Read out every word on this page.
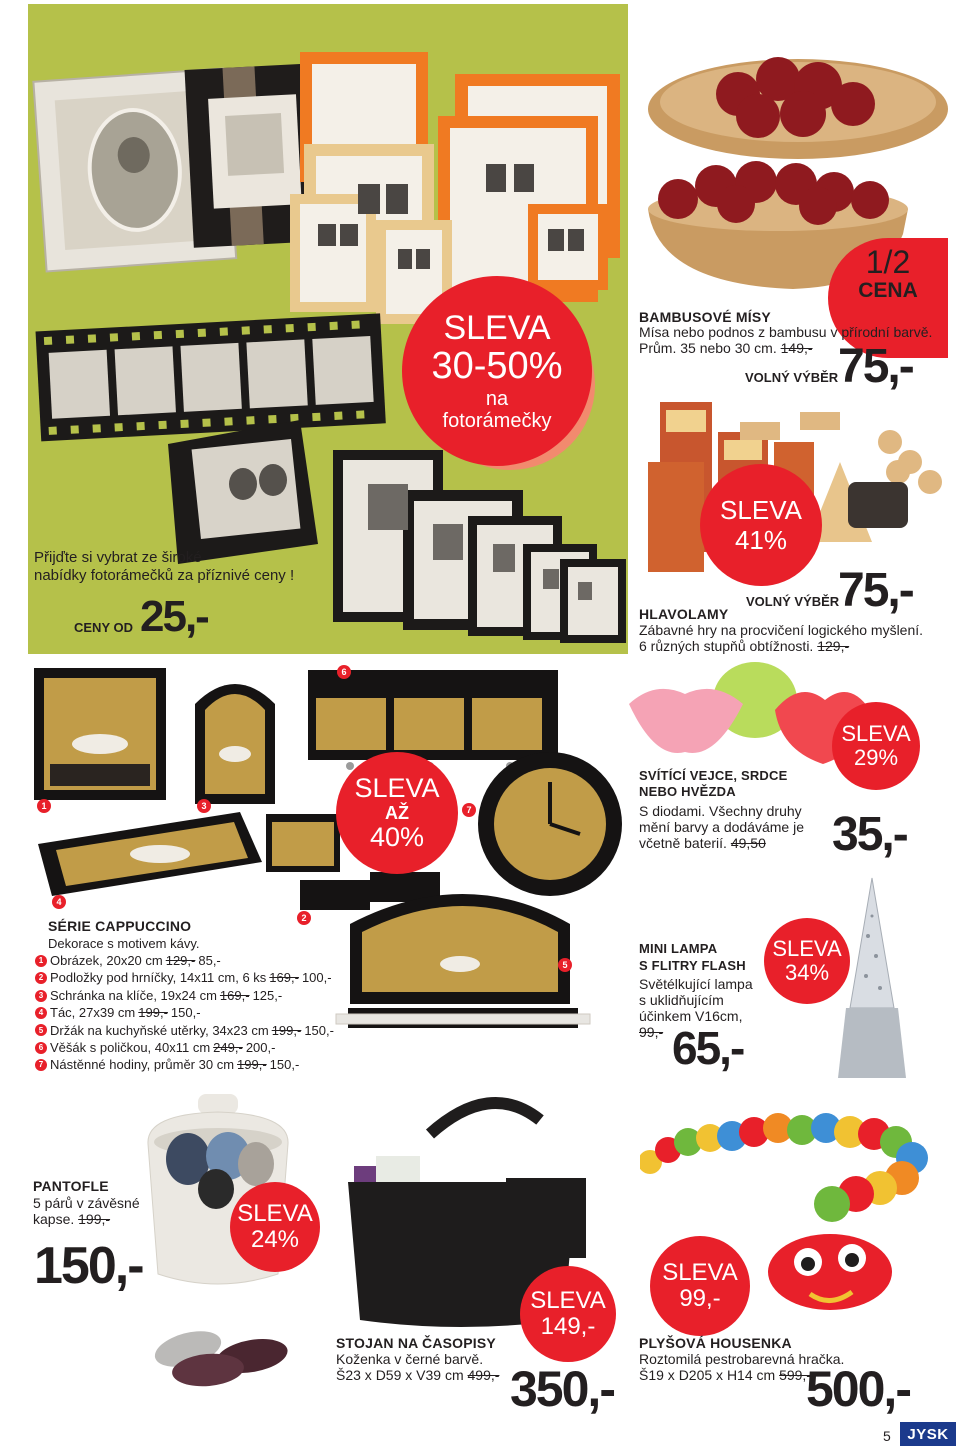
Přijďte si vybrat ze široké
nabídky fotorámečků za příznivé ceny !
CENY OD 25,-
SLEVA
30-50%
na
fotorámečky
1/2
CENA
BAMBUSOVÉ MÍSY
Mísa nebo podnos z bambusu v přírodní barvě.
Prům. 35 nebo 30 cm. 149,-
VOLNÝ VÝBĚR 75,-
SLEVA
41%
VOLNÝ VÝBĚR
75,-
HLAVOLAMY
Zábavné hry na procvičení logického myšlení.
6 různých stupňů obtížnosti. 129,-
1
2
3
4
5
6
7
SLEVA
AŽ
40%
SÉRIE CAPPUCCINO
Dekorace s motivem kávy.
1 Obrázek, 20x20 cm 129,- 85,-
2 Podložky pod hrníčky, 14x11 cm, 6 ks 169,- 100,-
3 Schránka na klíče, 19x24 cm 169,- 125,-
4 Tác, 27x39 cm 199,- 150,-
5 Držák na kuchyňské utěrky, 34x23 cm 199,- 150,-
6 Věšák s poličkou, 40x11 cm 249,- 200,-
7 Nástěnné hodiny, průměr 30 cm 199,- 150,-
SVÍTÍCÍ VEJCE, SRDCE
NEBO HVĚZDA
S diodami. Všechny druhy
mění barvy a dodáváme je
včetně baterií. 49,50
SLEVA
29%
35,-
MINI LAMPA
S FLITRY FLASH
Světélkující lampa
s uklidňujícím
účinkem V16cm,
99,- 65,-
SLEVA
34%
PANTOFLE
5 párů v závěsné
kapse. 199,-	SLEVA
24%
150,-
SLEVA
149,-
STOJAN NA ČASOPISY
Koženka v černé barvě.
Š23 x D59 x V39 cm 499,- 350,-
SLEVA
99,-
PLYŠOVÁ HOUSENKA
Roztomilá pestrobarevná hračka.
Š19 x D205 x H14 cm 599,-
500,-
5 JYSK
